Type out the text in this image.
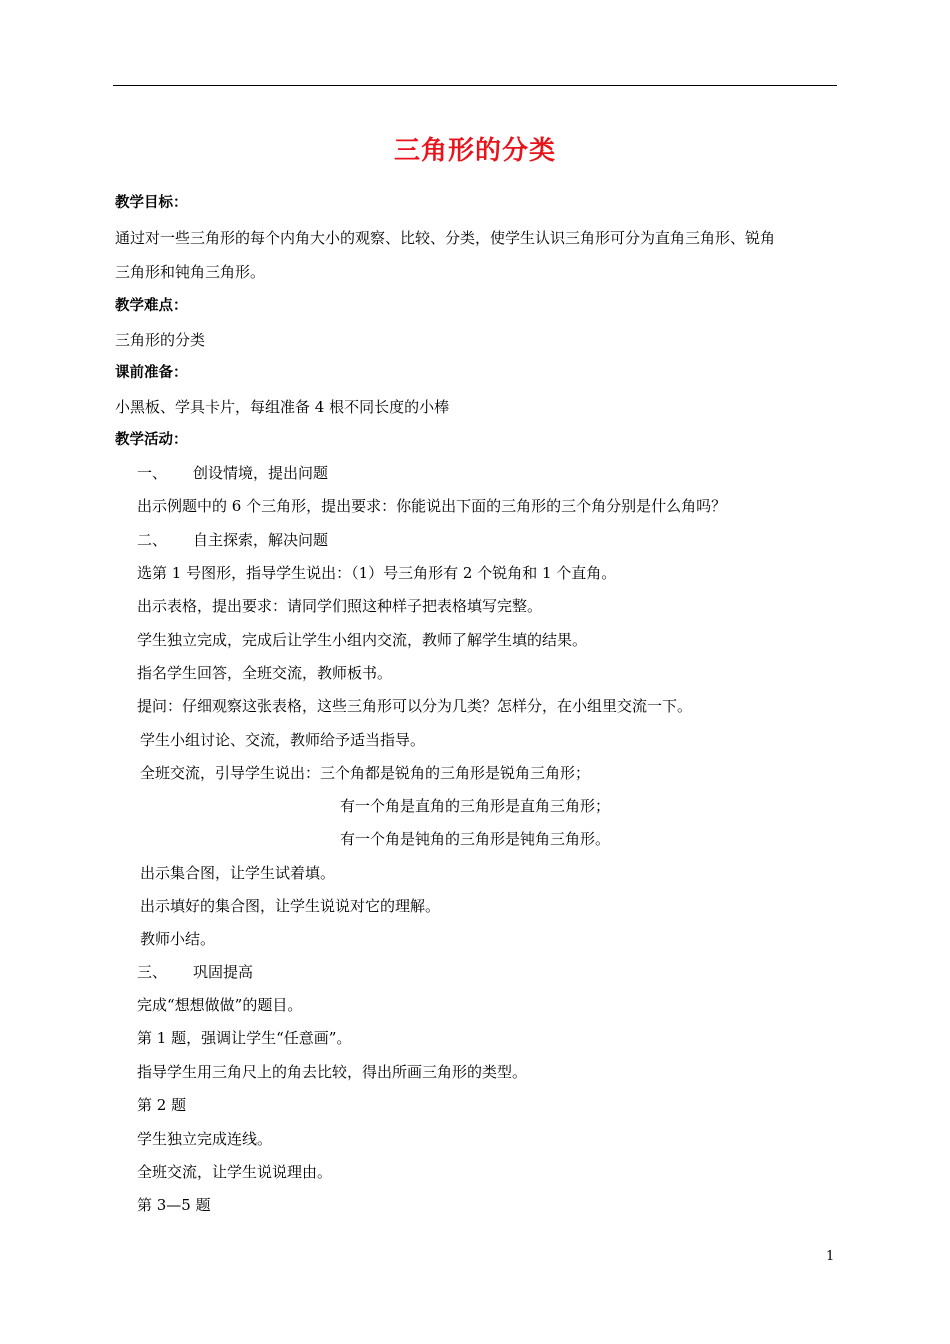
三角形的分类
教学目标：
通过对一些三角形的每个内角大小的观察、比较、分类，使学生认识三角形可分为直角三角形、锐角
三角形和钝角三角形。
教学难点：
三角形的分类
课前准备：
小黑板、学具卡片，每组准备 4 根不同长度的小棒
教学活动：
一、 创设情境，提出问题
出示例题中的 6 个三角形，提出要求：你能说出下面的三角形的三个角分别是什么角吗？
二、 自主探索，解决问题
选第 1 号图形，指导学生说出：（1）号三角形有 2 个锐角和 1 个直角。
出示表格，提出要求：请同学们照这种样子把表格填写完整。
学生独立完成，完成后让学生小组内交流，教师了解学生填的结果。
指名学生回答，全班交流，教师板书。
提问：仔细观察这张表格，这些三角形可以分为几类？怎样分，在小组里交流一下。
学生小组讨论、交流，教师给予适当指导。
全班交流，引导学生说出：三个角都是锐角的三角形是锐角三角形；
有一个角是直角的三角形是直角三角形；
有一个角是钝角的三角形是钝角三角形。
出示集合图，让学生试着填。
出示填好的集合图，让学生说说对它的理解。
教师小结。
三、 巩固提高
完成“想想做做”的题目。
第 1 题，强调让学生“任意画”。
指导学生用三角尺上的角去比较，得出所画三角形的类型。
第 2 题
学生独立完成连线。
全班交流，让学生说说理由。
第 3—5 题
1
